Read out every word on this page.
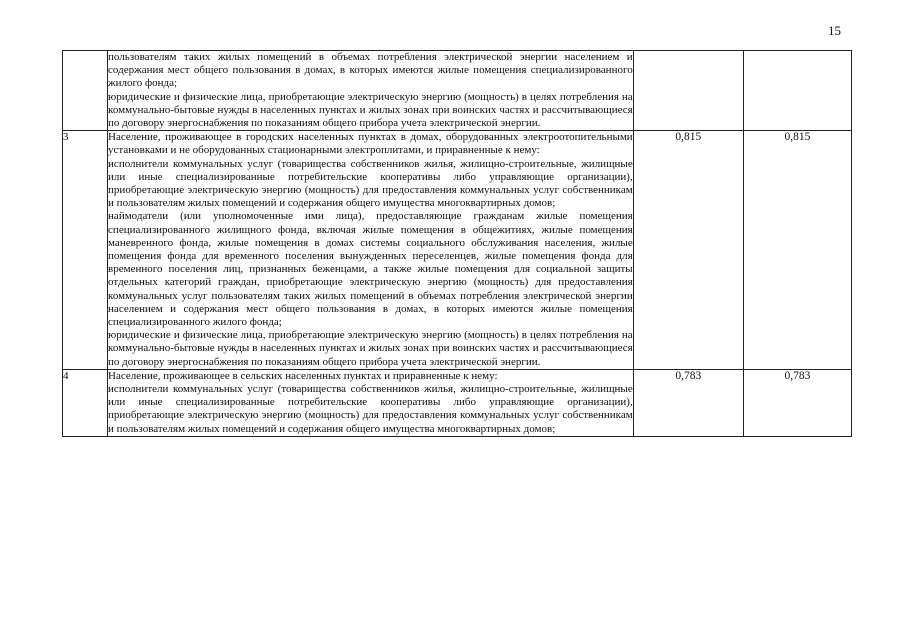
15

	пользователям таких жилых помещений в объемах потребления электрической энергии населением и содержания мест общего пользования в домах, в которых имеются жилые помещения специализированного жилого фонда;

юридические и физические лица, приобретающие электрическую энергию (мощность) в целях потребления на коммунально-бытовые нужды в населенных пунктах и жилых зонах при воинских частях и рассчитывающиеся по договору энергоснабжения по показаниям общего прибора учета электрической энергии.		

3	Население, проживающее в городских населенных пунктах в домах, оборудованных электроотопительными установками и не оборудованных стационарными электроплитами, и приравненные к нему:

исполнители коммунальных услуг (товарищества собственников жилья, жилищно-строительные, жилищные или иные специализированные потребительские кооперативы либо управляющие организации), приобретающие электрическую энергию (мощность) для предоставления коммунальных услуг собственникам и пользователям жилых помещений и содержания общего имущества многоквартирных домов;

наймодатели (или уполномоченные ими лица), предоставляющие гражданам жилые помещения специализированного жилищного фонда, включая жилые помещения в общежитиях, жилые помещения маневренного фонда, жилые помещения в домах системы социального обслуживания населения, жилые помещения фонда для временного поселения вынужденных переселенцев, жилые помещения фонда для временного поселения лиц, признанных беженцами, а также жилые помещения для социальной защиты отдельных категорий граждан, приобретающие электрическую энергию (мощность) для предоставления коммунальных услуг пользователям таких жилых помещений в объемах потребления электрической энергии населением и содержания мест общего пользования в домах, в которых имеются жилые помещения специализированного жилого фонда;

юридические и физические лица, приобретающие электрическую энергию (мощность) в целях потребления на коммунально-бытовые нужды в населенных пунктах и жилых зонах при воинских частях и рассчитывающиеся по договору энергоснабжения по показаниям общего прибора учета электрической энергии.	0,815	0,815
4	Население, проживающее в сельских населенных пунктах и приравненные к нему:

исполнители коммунальных услуг (товарищества собственников жилья, жилищно-строительные, жилищные или иные специализированные потребительские кооперативы либо управляющие организации), приобретающие электрическую энергию (мощность) для предоставления коммунальных услуг собственникам и пользователям жилых помещений и содержания общего имущества многоквартирных домов;	0,783	0,783
